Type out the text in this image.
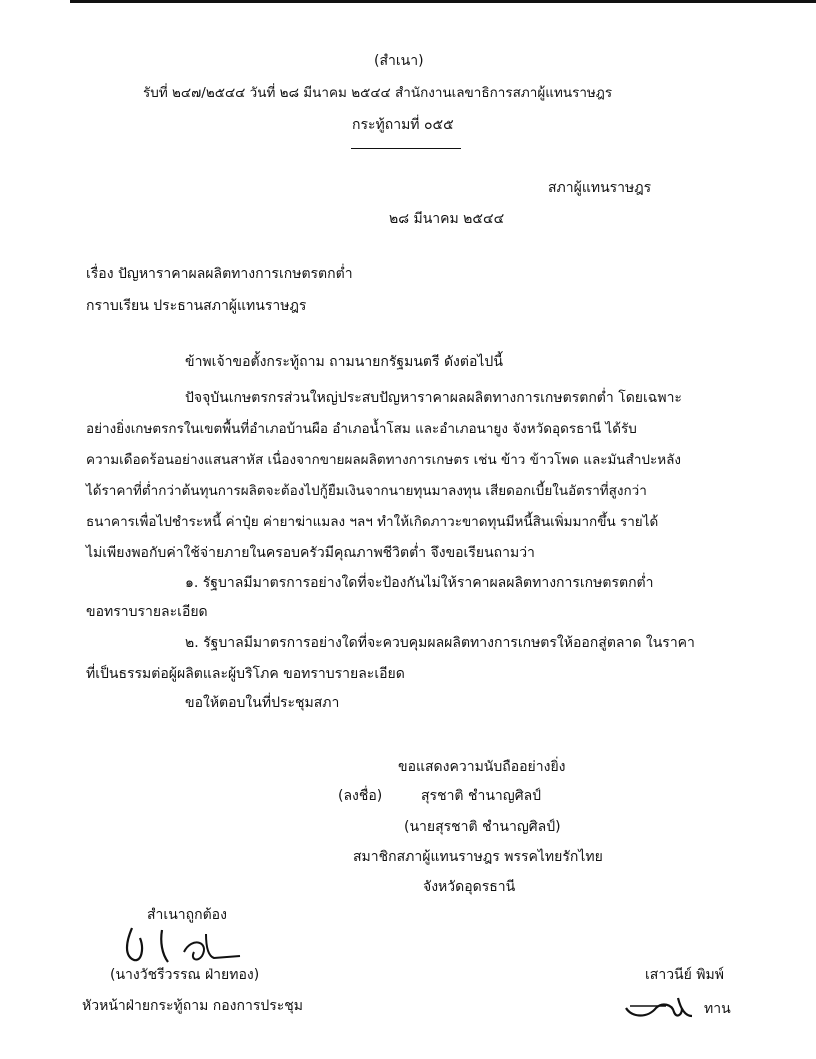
(สำเนา)
รับที่ ๒๔๗/๒๕๔๔ วันที่ ๒๘ มีนาคม ๒๕๔๔ สำนักงานเลขาธิการสภาผู้แทนราษฎร
กระทู้ถามที่ ๐๕๕
สภาผู้แทนราษฎร
๒๘ มีนาคม ๒๕๔๔
เรื่อง ปัญหาราคาผลผลิตทางการเกษตรตกต่ำ
กราบเรียน ประธานสภาผู้แทนราษฎร
ข้าพเจ้าขอตั้งกระทู้ถาม ถามนายกรัฐมนตรี ดังต่อไปนี้
ปัจจุบันเกษตรกรส่วนใหญ่ประสบปัญหาราคาผลผลิตทางการเกษตรตกต่ำ โดยเฉพาะ
อย่างยิ่งเกษตรกรในเขตพื้นที่อำเภอบ้านผือ อำเภอน้ำโสม และอำเภอนายูง จังหวัดอุดรธานี ได้รับ
ความเดือดร้อนอย่างแสนสาหัส เนื่องจากขายผลผลิตทางการเกษตร เช่น ข้าว ข้าวโพด และมันสำปะหลัง
ได้ราคาที่ต่ำกว่าต้นทุนการผลิตจะต้องไปกู้ยืมเงินจากนายทุนมาลงทุน เสียดอกเบี้ยในอัตราที่สูงกว่า
ธนาคารเพื่อไปชำระหนี้ ค่าปุ๋ย ค่ายาฆ่าแมลง ฯลฯ ทำให้เกิดภาวะขาดทุนมีหนี้สินเพิ่มมากขึ้น รายได้
ไม่เพียงพอกับค่าใช้จ่ายภายในครอบครัวมีคุณภาพชีวิตต่ำ จึงขอเรียนถามว่า
๑. รัฐบาลมีมาตรการอย่างใดที่จะป้องกันไม่ให้ราคาผลผลิตทางการเกษตรตกต่ำ
ขอทราบรายละเอียด
๒. รัฐบาลมีมาตรการอย่างใดที่จะควบคุมผลผลิตทางการเกษตรให้ออกสู่ตลาด ในราคา
ที่เป็นธรรมต่อผู้ผลิตและผู้บริโภค ขอทราบรายละเอียด
ขอให้ตอบในที่ประชุมสภา
ขอแสดงความนับถืออย่างยิ่ง
(ลงชื่อ)	สุรชาติ ชำนาญศิลป์
(นายสุรชาติ ชำนาญศิลป์)
สมาชิกสภาผู้แทนราษฎร พรรคไทยรักไทย
จังหวัดอุดรธานี
สำเนาถูกต้อง
(นางวัชรีวรรณ ฝ่ายทอง)
หัวหน้าฝ่ายกระทู้ถาม กองการประชุม
เสาวนีย์ พิมพ์
ทาน
